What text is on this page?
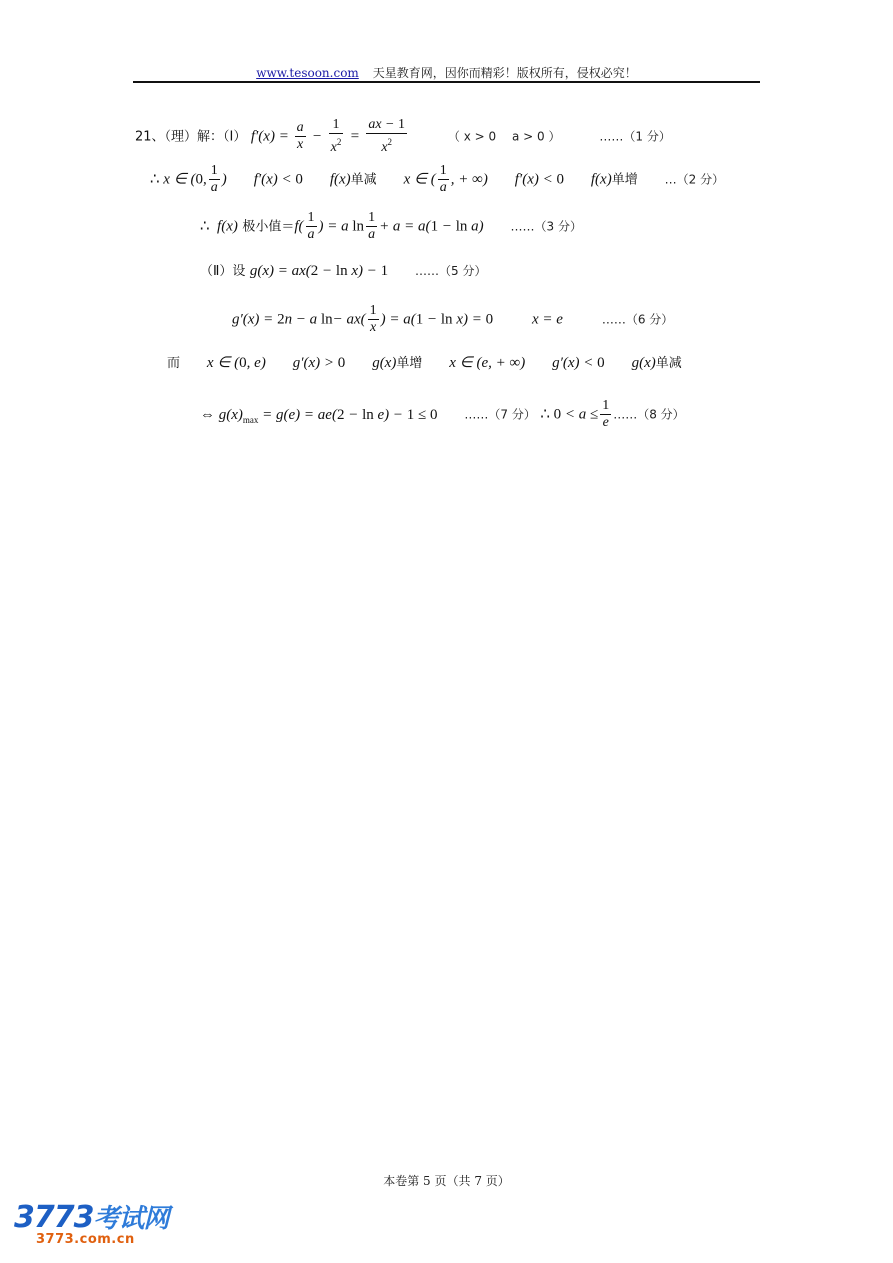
www.tesoon.com 天星教育网，因你而精彩！版权所有，侵权必究！
21、（理）解：（Ⅰ） $f'(x) = \frac{a}{x} - \frac{1}{x^2} = \frac{ax - 1}{x^2}$	（ x > 0　 a > 0 ）	……（1 分）
∴ x ∈ (0, $\frac{1}{a}$ ) f′(x) < 0 f(x)单减 x ∈ ( $\frac{1}{a}$ , + ∞) f′(x) < 0 f(x)单增 …（2 分）
∴  f(x) 极小值$=f( \frac{1}{a}$ ) = a $\ln \frac{1}{a} + a = a(1 - \ln a)$ ……（3 分）
（Ⅱ）设 g(x) = ax(2 − ln x) − 1 ……（5 分）
g′(x) = 2n − a $\ln- ax( \frac{1}{x}$ ) = a(1 − ln x) = 0	x = e	……（6 分）
而 x ∈ (0, e) g′(x) > 0 g(x)单增 x ∈ (e, + ∞) g′(x) < 0 g(x)单减
⇔ $g(x)_{max} = g(e) = ae(2 - \ln e) - 1 \le 0$ ……（7 分） ∴ $0 < a \le \frac{1}{e}$ ……（8 分）
本卷第 5 页（共 7 页）
3773考试网
3773.com.cn
